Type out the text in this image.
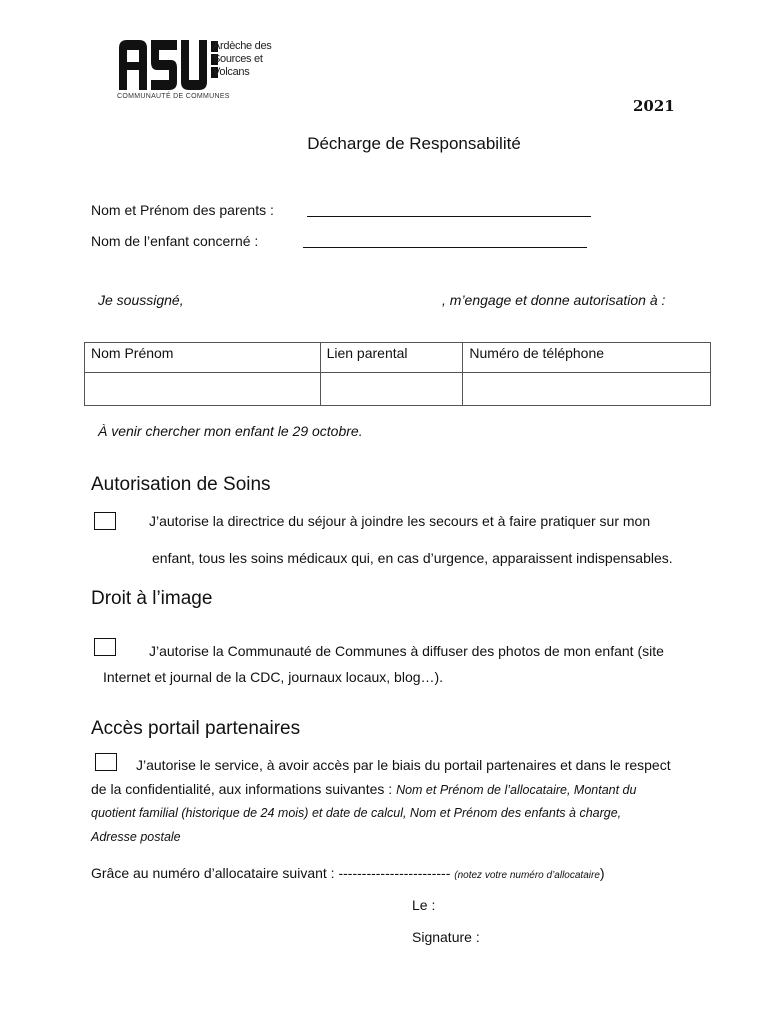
Ardèche des
Sources et
Volcans
COMMUNAUTÉ DE COMMUNES
2021
Décharge de Responsabilité
Nom et Prénom des parents :
Nom de l’enfant concerné :
Je soussigné,	, m’engage et donne autorisation à :
Nom Prénom	Lien parental	Numéro de téléphone

À venir chercher mon enfant le 29 octobre.
Autorisation de Soins
J’autorise la directrice du séjour à joindre les secours et à faire pratiquer sur mon
enfant, tous les soins médicaux qui, en cas d’urgence, apparaissent indispensables.
Droit à l’image
J’autorise la Communauté de Communes à diffuser des photos de mon enfant (site
Internet et journal de la CDC, journaux locaux, blog…).
Accès portail partenaires
J’autorise le service, à avoir accès par le biais du portail partenaires et dans le respect
de la confidentialité, aux informations suivantes : Nom et Prénom de l’allocataire, Montant du
quotient familial (historique de 24 mois) et date de calcul, Nom et Prénom des enfants à charge,
Adresse postale
Grâce au numéro d’allocataire suivant : ------------------------ (notez votre numéro d’allocataire)
Le :
Signature :
